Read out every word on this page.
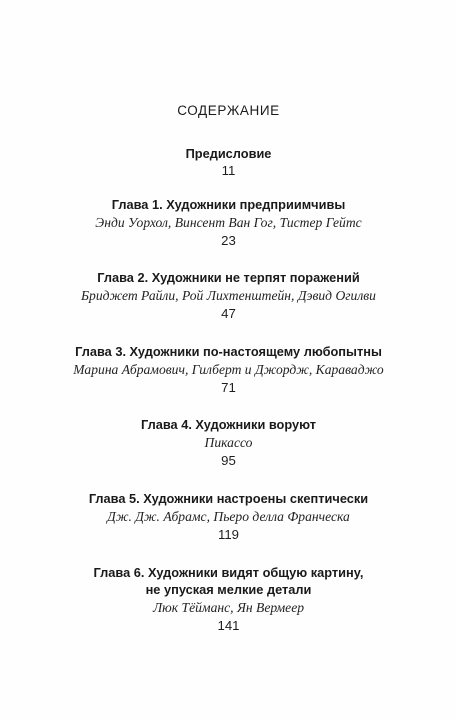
СОДЕРЖАНИЕ
Предисловие
11
Глава 1. Художники предприимчивы
Энди Уорхол, Винсент Ван Гог, Тистер Гейтс
23
Глава 2. Художники не терпят поражений
Бриджет Райли, Рой Лихтенштейн, Дэвид Огилви
47
Глава 3. Художники по-настоящему любопытны
Марина Абрамович, Гилберт и Джордж, Караваджо
71
Глава 4. Художники воруют
Пикассо
95
Глава 5. Художники настроены скептически
Дж. Дж. Абрамс, Пьеро делла Франческа
119
Глава 6. Художники видят общую картину,
не упуская мелкие детали
Люк Тёйманс, Ян Вермеер
141
